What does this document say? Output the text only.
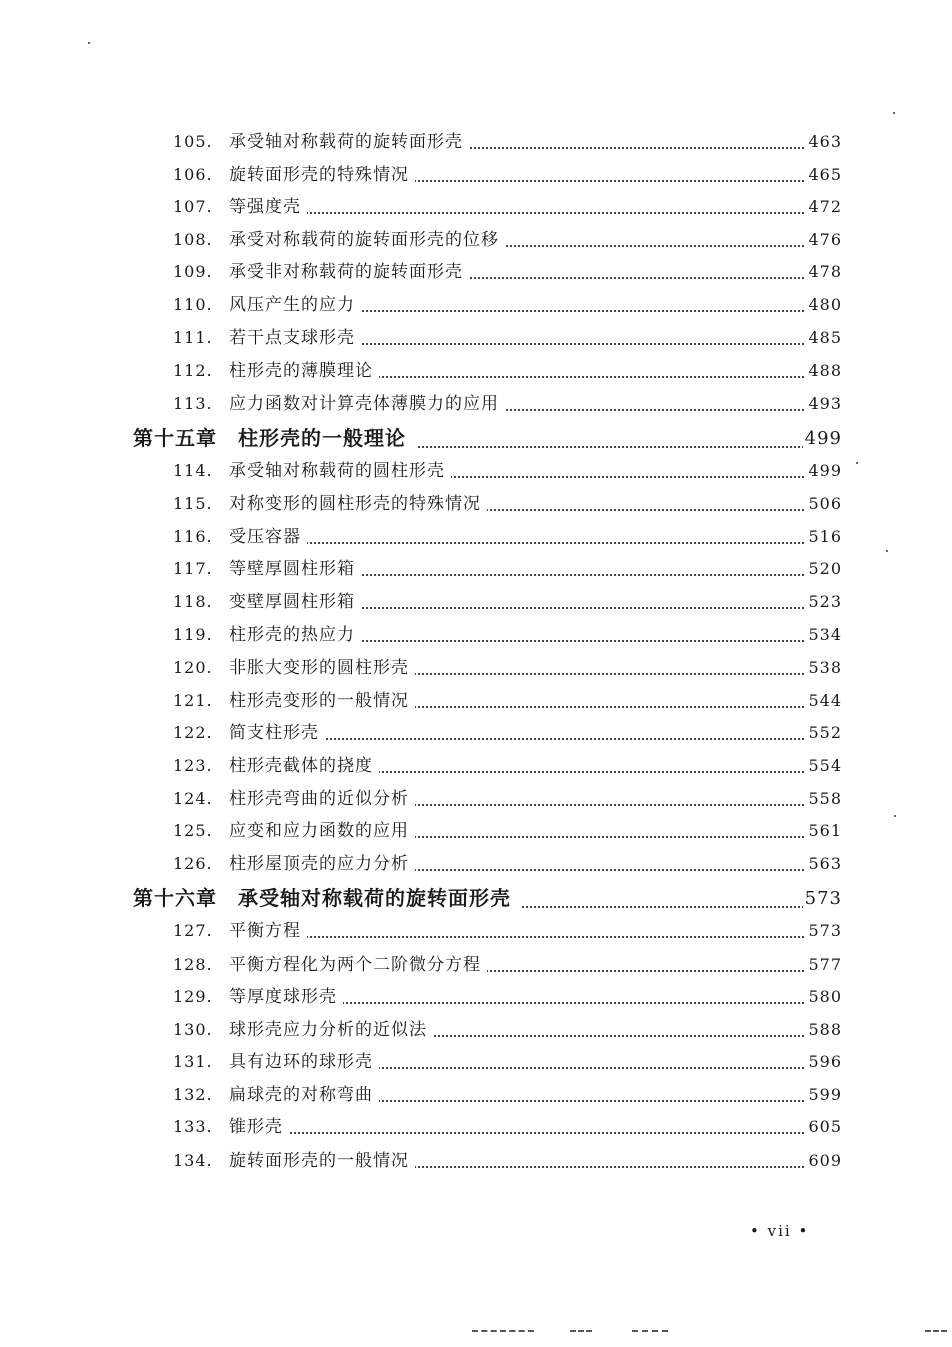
105. 承受轴对称载荷的旋转面形壳	463
106. 旋转面形壳的特殊情况	465
107. 等强度壳	472
108. 承受对称载荷的旋转面形壳的位移	476
109. 承受非对称载荷的旋转面形壳	478
110. 风压产生的应力	480
111. 若干点支球形壳	485
112. 柱形壳的薄膜理论	488
113. 应力函数对计算壳体薄膜力的应用	493
第十五章　柱形壳的一般理论	499
114. 承受轴对称载荷的圆柱形壳	499
115. 对称变形的圆柱形壳的特殊情况	506
116. 受压容器	516
117. 等壁厚圆柱形箱	520
118. 变壁厚圆柱形箱	523
119. 柱形壳的热应力	534
120. 非胀大变形的圆柱形壳	538
121. 柱形壳变形的一般情况	544
122. 简支柱形壳	552
123. 柱形壳截体的挠度	554
124. 柱形壳弯曲的近似分析	558
125. 应变和应力函数的应用	561
126. 柱形屋顶壳的应力分析	563
第十六章　承受轴对称载荷的旋转面形壳	573
127. 平衡方程	573
128. 平衡方程化为两个二阶微分方程	577
129. 等厚度球形壳	580
130. 球形壳应力分析的近似法	588
131. 具有边环的球形壳	596
132. 扁球壳的对称弯曲	599
133. 锥形壳	605
134. 旋转面形壳的一般情况	609
• vii •
